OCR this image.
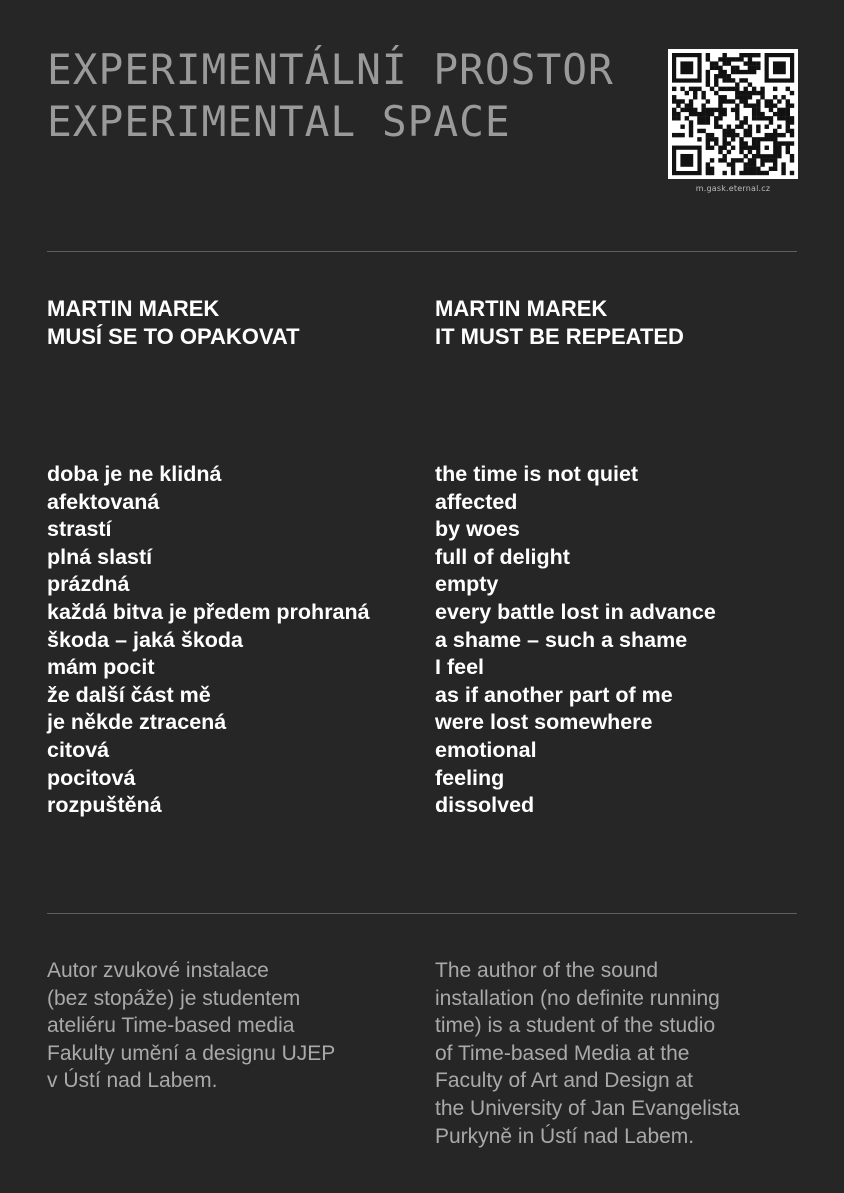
EXPERIMENTÁLNÍ PROSTOR
EXPERIMENTAL SPACE
m.gask.eternal.cz
MARTIN MAREK
MUSÍ SE TO OPAKOVAT
MARTIN MAREK
IT MUST BE REPEATED
doba je ne klidná
afektovaná
strastí
plná slastí
prázdná
každá bitva je předem prohraná
škoda – jaká škoda
mám pocit
že další část mě
je někde ztracená
citová
pocitová
rozpuštěná
the time is not quiet
affected
by woes
full of delight
empty
every battle lost in advance
a shame – such a shame
I feel
as if another part of me
were lost somewhere
emotional
feeling
dissolved

Autor zvukové instalace
(bez stopáže) je studentem
ateliéru Time-based media
Fakulty umění a designu UJEP
v Ústí nad Labem.

The author of the sound
installation (no definite running
time) is a student of the studio
of Time-based Media at the
Faculty of Art and Design at
the University of Jan Evangelista
Purkyně in Ústí nad Labem.
